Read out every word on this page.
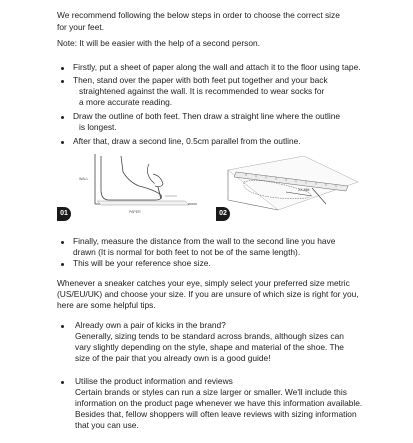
We recommend following the below steps in order to choose the correct size
for your feet.
Note: It will be easier with the help of a second person.
Firstly, put a sheet of paper along the wall and attach it to the floor using tape.
Then, stand over the paper with both feet put together and your back
straightened against the wall. It is recommended to wear socks for
a more accurate reading.
Draw the outline of both feet. Then draw a straight line where the outline
is longest.
After that, draw a second line, 0.5cm parallel from the outline.
WALL
PAPER
01
XX MM
02
Finally, measure the distance from the wall to the second line you have
drawn (It is normal for both feet to not be of the same length).
This will be your reference shoe size.
Whenever a sneaker catches your eye, simply select your preferred size metric
(US/EU/UK) and choose your size. If you are unsure of which size is right for you,
here are some helpful tips.
Already own a pair of kicks in the brand?
Generally, sizing tends to be standard across brands, although sizes can
vary slightly depending on the style, shape and material of the shoe. The
size of the pair that you already own is a good guide!
Utilise the product information and reviews
Certain brands or styles can run a size larger or smaller. We'll include this
information on the product page whenever we have this information available.
Besides that, fellow shoppers will often leave reviews with sizing information
that you can use.
